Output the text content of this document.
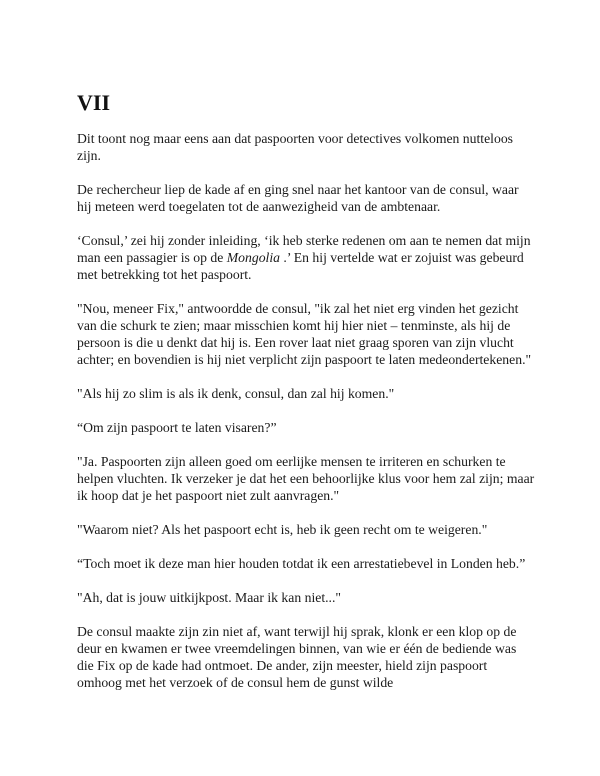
VII

Dit toont nog maar eens aan dat paspoorten voor detectives volkomen nutteloos zijn.

De rechercheur liep de kade af en ging snel naar het kantoor van de consul, waar hij meteen werd toegelaten tot de aanwezigheid van de ambtenaar.

‘Consul,’ zei hij zonder inleiding, ‘ik heb sterke redenen om aan te nemen dat mijn man een passagier is op de Mongolia .’ En hij vertelde wat er zojuist was gebeurd met betrekking tot het paspoort.

"Nou, meneer Fix," antwoordde de consul, "ik zal het niet erg vinden het gezicht van die schurk te zien; maar misschien komt hij hier niet – tenminste, als hij de persoon is die u denkt dat hij is. Een rover laat niet graag sporen van zijn vlucht achter; en bovendien is hij niet verplicht zijn paspoort te laten medeondertekenen."

"Als hij zo slim is als ik denk, consul, dan zal hij komen."

“Om zijn paspoort te laten visaren?”

"Ja. Paspoorten zijn alleen goed om eerlijke mensen te irriteren en schurken te helpen vluchten. Ik verzeker je dat het een behoorlijke klus voor hem zal zijn; maar ik hoop dat je het paspoort niet zult aanvragen."

"Waarom niet? Als het paspoort echt is, heb ik geen recht om te weigeren."

“Toch moet ik deze man hier houden totdat ik een arrestatiebevel in Londen heb.”

"Ah, dat is jouw uitkijkpost. Maar ik kan niet..."

De consul maakte zijn zin niet af, want terwijl hij sprak, klonk er een klop op de deur en kwamen er twee vreemdelingen binnen, van wie er één de bediende was die Fix op de kade had ontmoet. De ander, zijn meester, hield zijn paspoort omhoog met het verzoek of de consul hem de gunst wilde
